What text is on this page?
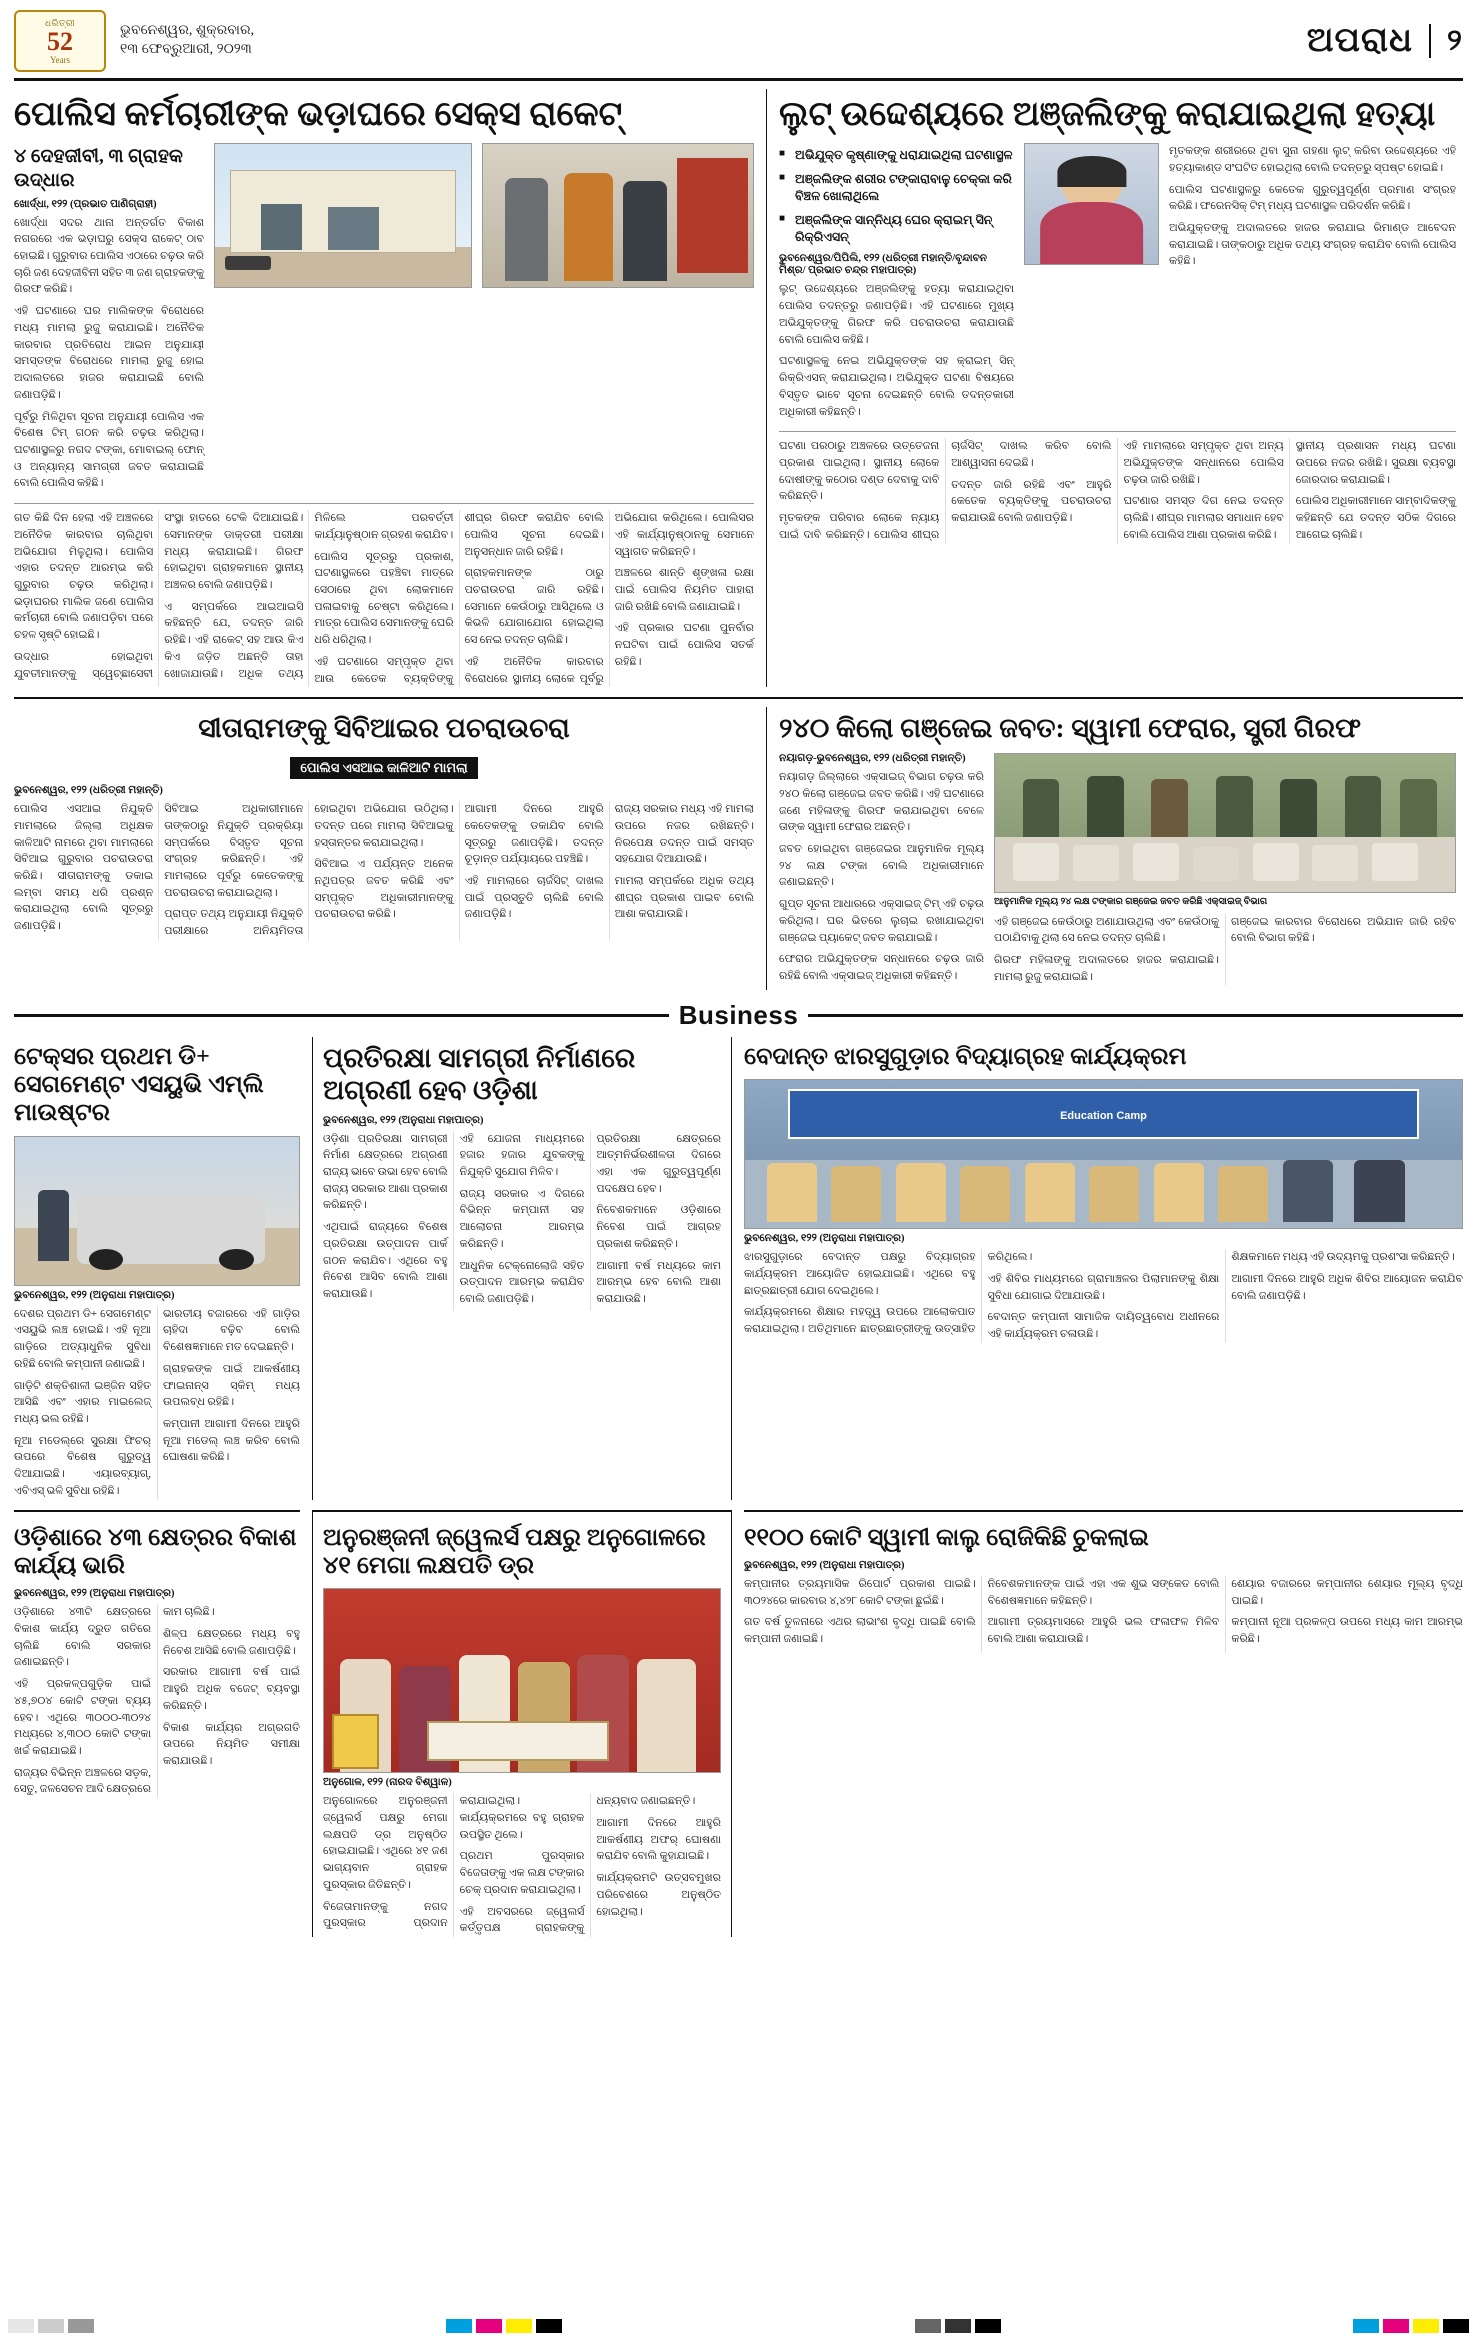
ଧରିତ୍ରୀ
52
Years
ଭୁବନେଶ୍ୱର, ଶୁକ୍ରବାର,
୧୩ ଫେବ୍ରୁଆରୀ, ୨୦୨୩	ଅପରାଧ ୨
ପୋଲିସ କର୍ମଚାରୀଙ୍କ ଭଡ଼ାଘରେ ସେକ୍ସ ରାକେଟ୍
୪ ଦେହଜୀବୀ, ୩ ଗ୍ରାହକ ଉଦ୍ଧାର
ଖୋର୍ଦ୍ଧା, ୧୨୨ (ପ୍ରଭାତ ପାଣିଗ୍ରାହୀ)

ଖୋର୍ଦ୍ଧା ସଦର ଥାନା ଅନ୍ତର୍ଗତ ବିକାଶ ନଗରରେ ଏକ ଭଡ଼ାଘରୁ ସେକ୍ସ ରାକେଟ୍ ଠାବ ହୋଇଛି। ଗୁରୁବାର ପୋଲିସ ଏଠାରେ ଚଢ଼ଉ କରି ଚାରି ଜଣ ଦେହଜୀବିନୀ ସହିତ ୩ ଜଣ ଗ୍ରାହକଙ୍କୁ ଗିରଫ କରିଛି।

ଏହି ଘଟଣାରେ ଘର ମାଲିକଙ୍କ ବିରୋଧରେ ମଧ୍ୟ ମାମଲା ରୁଜୁ କରାଯାଇଛି। ଅନୈତିକ କାରବାର ପ୍ରତିରୋଧ ଆଇନ ଅନୁଯାୟୀ ସମସ୍ତଙ୍କ ବିରୋଧରେ ମାମଲା ରୁଜୁ ହୋଇ ଅଦାଲତରେ ହାଜର କରାଯାଇଛି ବୋଲି ଜଣାପଡ଼ିଛି।

ପୂର୍ବରୁ ମିଳିଥିବା ସୂଚନା ଅନୁଯାୟୀ ପୋଲିସ ଏକ ବିଶେଷ ଟିମ୍ ଗଠନ କରି ଚଢ଼ଉ କରିଥିଲା। ଘଟଣାସ୍ଥଳରୁ ନଗଦ ଟଙ୍କା, ମୋବାଇଲ୍ ଫୋନ୍ ଓ ଅନ୍ୟାନ୍ୟ ସାମଗ୍ରୀ ଜବତ କରାଯାଇଛି ବୋଲି ପୋଲିସ କହିଛି।

ଗତ କିଛି ଦିନ ହେଲା ଏହି ଅଞ୍ଚଳରେ ଅନୈତିକ କାରବାର ଚାଲିଥିବା ଅଭିଯୋଗ ମିଳୁଥିଲା। ପୋଲିସ ଏହାର ତଦନ୍ତ ଆରମ୍ଭ କରି ଗୁରୁବାର ଚଢ଼ଉ କରିଥିଲା। ଭଡ଼ାଘରର ମାଲିକ ଜଣେ ପୋଲିସ କର୍ମଚାରୀ ବୋଲି ଜଣାପଡ଼ିବା ପରେ ଚହଳ ସୃଷ୍ଟି ହୋଇଛି।

ଉଦ୍ଧାର ହୋଇଥିବା ଯୁବତୀମାନଙ୍କୁ ସ୍ୱେଚ୍ଛାସେବୀ ସଂସ୍ଥା ହାତରେ ଟେକି ଦିଆଯାଇଛି। ସେମାନଙ୍କ ଡାକ୍ତରୀ ପରୀକ୍ଷା ମଧ୍ୟ କରାଯାଇଛି। ଗିରଫ ହୋଇଥିବା ଗ୍ରାହକମାନେ ସ୍ଥାନୀୟ ଅଞ୍ଚଳର ବୋଲି ଜଣାପଡ଼ିଛି।

ଏ ସମ୍ପର୍କରେ ଆଇଆଇସି କହିଛନ୍ତି ଯେ, ତଦନ୍ତ ଜାରି ରହିଛି। ଏହି ରାକେଟ୍ ସହ ଆଉ କିଏ କିଏ ଜଡ଼ିତ ଅଛନ୍ତି ତାହା ଖୋଜାଯାଉଛି। ଅଧିକ ତଥ୍ୟ ମିଳିଲେ ପରବର୍ତ୍ତୀ କାର୍ଯ୍ୟାନୁଷ୍ଠାନ ଗ୍ରହଣ କରାଯିବ।

ପୋଲିସ ସୂତ୍ରରୁ ପ୍ରକାଶ, ଘଟଣାସ୍ଥଳରେ ପହଞ୍ଚିବା ମାତ୍ରେ ସେଠାରେ ଥିବା ଲୋକମାନେ ପଳାଇବାକୁ ଚେଷ୍ଟା କରିଥିଲେ। ମାତ୍ର ପୋଲିସ ସେମାନଙ୍କୁ ଘେରି ଧରି ଧରିଥିଲା।

ଏହି ଘଟଣାରେ ସମ୍ପୃକ୍ତ ଥିବା ଆଉ କେତେକ ବ୍ୟକ୍ତିଙ୍କୁ ଶୀଘ୍ର ଗିରଫ କରାଯିବ ବୋଲି ପୋଲିସ ସୂଚନା ଦେଇଛି। ଅନୁସନ୍ଧାନ ଜାରି ରହିଛି।

ଗ୍ରାହକମାନଙ୍କ ଠାରୁ ପଚରାଉଚରା ଜାରି ରହିଛି। ସେମାନେ କେଉଁଠାରୁ ଆସିଥିଲେ ଓ କିଭଳି ଯୋଗାଯୋଗ ହୋଇଥିଲା ସେ ନେଇ ତଦନ୍ତ ଚାଲିଛି।

ଏହି ଅନୈତିକ କାରବାର ବିରୋଧରେ ସ୍ଥାନୀୟ ଲୋକେ ପୂର୍ବରୁ ଅଭିଯୋଗ କରିଥିଲେ। ପୋଲିସର ଏହି କାର୍ଯ୍ୟାନୁଷ୍ଠାନକୁ ସେମାନେ ସ୍ୱାଗତ କରିଛନ୍ତି।

ଅଞ୍ଚଳରେ ଶାନ୍ତି ଶୃଙ୍ଖଳା ରକ୍ଷା ପାଇଁ ପୋଲିସ ନିୟମିତ ପାହାରା ଜାରି ରଖିଛି ବୋଲି ଜଣାଯାଇଛି।

ଏହି ପ୍ରକାର ଘଟଣା ପୁନର୍ବାର ନଘଟିବା ପାଇଁ ପୋଲିସ ସତର୍କ ରହିଛି।

ଲୁଟ୍ ଉଦ୍ଦେଶ୍ୟରେ ଅଞ୍ଜଲିଙ୍କୁ କରାଯାଇଥିଲା ହତ୍ୟା
■ ଅଭିଯୁକ୍ତ କୃଷ୍ଣାଙ୍କୁ ଧରାଯାଇଥିଲା ଘଟଣାସ୍ଥଳ
■ ଅଞ୍ଜଲିଙ୍କ ଶରୀର ଟଙ୍କାରାବାଳୁ ଚେକ୍କା କରି ବିଞ୍ଚଳ ଖୋଲାଥିଲେ
■ ଅଞ୍ଜଲିଙ୍କ ସାନ୍ନିଧ୍ୟ ଘେର କ୍ରାଇମ୍ ସିନ୍ ରିକ୍ରିଏସନ୍
ଭୁବନେଶ୍ୱର/ପିପିଲି, ୧୨୨ (ଧରିତ୍ରୀ ମହାନ୍ତି/ବୃନ୍ଦାବନ ମିଶ୍ର/ ପ୍ରଭାତ ଚନ୍ଦ୍ର ମହାପାତ୍ର)

ଲୁଟ୍ ଉଦ୍ଦେଶ୍ୟରେ ଅଞ୍ଜଲିଙ୍କୁ ହତ୍ୟା କରାଯାଇଥିବା ପୋଲିସ ତଦନ୍ତରୁ ଜଣାପଡ଼ିଛି। ଏହି ଘଟଣାରେ ମୁଖ୍ୟ ଅଭିଯୁକ୍ତଙ୍କୁ ଗିରଫ କରି ପଚରାଉଚରା କରାଯାଉଛି ବୋଲି ପୋଲିସ କହିଛି।

ଘଟଣାସ୍ଥଳକୁ ନେଇ ଅଭିଯୁକ୍ତଙ୍କ ସହ କ୍ରାଇମ୍ ସିନ୍ ରିକ୍ରିଏସନ୍ କରାଯାଇଥିଲା। ଅଭିଯୁକ୍ତ ଘଟଣା ବିଷୟରେ ବିସ୍ତୃତ ଭାବେ ସୂଚନା ଦେଇଛନ୍ତି ବୋଲି ତଦନ୍ତକାରୀ ଅଧିକାରୀ କହିଛନ୍ତି।

ମୃତକଙ୍କ ଶରୀରରେ ଥିବା ସୁନା ଗହଣା ଲୁଟ୍ କରିବା ଉଦ୍ଦେଶ୍ୟରେ ଏହି ହତ୍ୟାକାଣ୍ଡ ସଂଘଟିତ ହୋଇଥିଲା ବୋଲି ତଦନ୍ତରୁ ସ୍ପଷ୍ଟ ହୋଇଛି।

ପୋଲିସ ଘଟଣାସ୍ଥଳରୁ କେତେକ ଗୁରୁତ୍ୱପୂର୍ଣ୍ଣ ପ୍ରମାଣ ସଂଗ୍ରହ କରିଛି। ଫରେନସିକ୍ ଟିମ୍ ମଧ୍ୟ ଘଟଣାସ୍ଥଳ ପରିଦର୍ଶନ କରିଛି।

ଅଭିଯୁକ୍ତଙ୍କୁ ଅଦାଲତରେ ହାଜର କରାଯାଇ ରିମାଣ୍ଡ ଆବେଦନ କରାଯାଇଛି। ତାଙ୍କଠାରୁ ଅଧିକ ତଥ୍ୟ ସଂଗ୍ରହ କରାଯିବ ବୋଲି ପୋଲିସ କହିଛି।

ଘଟଣା ପରଠାରୁ ଅଞ୍ଚଳରେ ଉତ୍ତେଜନା ପ୍ରକାଶ ପାଇଥିଲା। ସ୍ଥାନୀୟ ଲୋକେ ଦୋଷୀଙ୍କୁ କଠୋର ଦଣ୍ଡ ଦେବାକୁ ଦାବି କରିଛନ୍ତି।

ମୃତକଙ୍କ ପରିବାର ଲୋକେ ନ୍ୟାୟ ପାଇଁ ଦାବି କରିଛନ୍ତି। ପୋଲିସ ଶୀଘ୍ର ଚାର୍ଜସିଟ୍ ଦାଖଲ କରିବ ବୋଲି ଆଶ୍ୱାସନା ଦେଇଛି।

ତଦନ୍ତ ଜାରି ରହିଛି ଏବଂ ଆହୁରି କେତେକ ବ୍ୟକ୍ତିଙ୍କୁ ପଚରାଉଚରା କରାଯାଉଛି ବୋଲି ଜଣାପଡ଼ିଛି।

ଏହି ମାମଲାରେ ସମ୍ପୃକ୍ତ ଥିବା ଅନ୍ୟ ଅଭିଯୁକ୍ତଙ୍କ ସନ୍ଧାନରେ ପୋଲିସ ଚଢ଼ଉ ଜାରି ରଖିଛି।

ଘଟଣାର ସମସ୍ତ ଦିଗ ନେଇ ତଦନ୍ତ ଚାଲିଛି। ଶୀଘ୍ର ମାମଲାର ସମାଧାନ ହେବ ବୋଲି ପୋଲିସ ଆଶା ପ୍ରକାଶ କରିଛି।

ସ୍ଥାନୀୟ ପ୍ରଶାସନ ମଧ୍ୟ ଘଟଣା ଉପରେ ନଜର ରଖିଛି। ସୁରକ୍ଷା ବ୍ୟବସ୍ଥା ଜୋରଦାର କରାଯାଇଛି।

ପୋଲିସ ଅଧିକାରୀମାନେ ସାମ୍ବାଦିକଙ୍କୁ କହିଛନ୍ତି ଯେ ତଦନ୍ତ ସଠିକ ଦିଗରେ ଆଗେଇ ଚାଲିଛି।

ସୀତାରାମଙ୍କୁ ସିବିଆଇର ପଚରାଉଚରା
ପୋଲିସ ଏସଆଇ କାଳିଆଟି ମାମଲା
ଭୁବନେଶ୍ୱର, ୧୨୨ (ଧରିତ୍ରୀ ମହାନ୍ତି)

ପୋଲିସ ଏସଆଇ ନିଯୁକ୍ତି ମାମଲାରେ ଜିଲ୍ଲା ଅଧିକ୍ଷକ କାଳିଆଟି ନାମରେ ଥିବା ମାମଲାରେ ସିବିଆଇ ଗୁରୁବାର ପଚରାଉଚରା କରିଛି। ସୀତାରାମଙ୍କୁ ଡକାଇ ଲମ୍ବା ସମୟ ଧରି ପ୍ରଶ୍ନ କରାଯାଇଥିଲା ବୋଲି ସୂତ୍ରରୁ ଜଣାପଡ଼ିଛି।

ସିବିଆଇ ଅଧିକାରୀମାନେ ତାଙ୍କଠାରୁ ନିଯୁକ୍ତି ପ୍ରକ୍ରିୟା ସମ୍ପର୍କରେ ବିସ୍ତୃତ ସୂଚନା ସଂଗ୍ରହ କରିଛନ୍ତି। ଏହି ମାମଲାରେ ପୂର୍ବରୁ କେତେକଙ୍କୁ ପଚରାଉଚରା କରାଯାଇଥିଲା।

ପ୍ରାପ୍ତ ତଥ୍ୟ ଅନୁଯାୟୀ ନିଯୁକ୍ତି ପରୀକ୍ଷାରେ ଅନିୟମିତତା ହୋଇଥିବା ଅଭିଯୋଗ ଉଠିଥିଲା। ତଦନ୍ତ ପରେ ମାମଲା ସିବିଆଇକୁ ହସ୍ତାନ୍ତର କରାଯାଇଥିଲା।

ସିବିଆଇ ଏ ପର୍ଯ୍ୟନ୍ତ ଅନେକ ନଥିପତ୍ର ଜବତ କରିଛି ଏବଂ ସମ୍ପୃକ୍ତ ଅଧିକାରୀମାନଙ୍କୁ ପଚରାଉଚରା କରିଛି।

ଆଗାମୀ ଦିନରେ ଆହୁରି କେତେକଙ୍କୁ ଡକାଯିବ ବୋଲି ସୂତ୍ରରୁ ଜଣାପଡ଼ିଛି। ତଦନ୍ତ ଚୂଡ଼ାନ୍ତ ପର୍ଯ୍ୟାୟରେ ପହଞ୍ଚିଛି।

ଏହି ମାମଲାରେ ଚାର୍ଜସିଟ୍ ଦାଖଲ ପାଇଁ ପ୍ରସ୍ତୁତି ଚାଲିଛି ବୋଲି ଜଣାପଡ଼ିଛି।

ରାଜ୍ୟ ସରକାର ମଧ୍ୟ ଏହି ମାମଲା ଉପରେ ନଜର ରଖିଛନ୍ତି। ନିରପେକ୍ଷ ତଦନ୍ତ ପାଇଁ ସମସ୍ତ ସହଯୋଗ ଦିଆଯାଉଛି।

ମାମଲା ସମ୍ପର୍କରେ ଅଧିକ ତଥ୍ୟ ଶୀଘ୍ର ପ୍ରକାଶ ପାଇବ ବୋଲି ଆଶା କରାଯାଉଛି।

୨୪୦ କିଲୋ ଗଞ୍ଜେଇ ଜବତ: ସ୍ୱାମୀ ଫେରାର, ସ୍ତ୍ରୀ ଗିରଫ
ନୟାଗଡ଼-ଭୁବନେଶ୍ୱର, ୧୨୨ (ଧରିତ୍ରୀ ମହାନ୍ତି)

ନୟାଗଡ଼ ଜିଲ୍ଲାରେ ଏକ୍ସାଇଜ୍ ବିଭାଗ ଚଢ଼ଉ କରି ୨୪୦ କିଲୋ ଗଞ୍ଜେଇ ଜବତ କରିଛି। ଏହି ଘଟଣାରେ ଜଣେ ମହିଳାଙ୍କୁ ଗିରଫ କରାଯାଇଥିବା ବେଳେ ତାଙ୍କ ସ୍ୱାମୀ ଫେରାର ଅଛନ୍ତି।

ଜବତ ହୋଇଥିବା ଗଞ୍ଜେଇର ଆନୁମାନିକ ମୂଲ୍ୟ ୨୪ ଲକ୍ଷ ଟଙ୍କା ବୋଲି ଅଧିକାରୀମାନେ ଜଣାଇଛନ୍ତି।

ଗୁପ୍ତ ସୂଚନା ଆଧାରରେ ଏକ୍ସାଇଜ୍ ଟିମ୍ ଏହି ଚଢ଼ଉ କରିଥିଲା। ଘର ଭିତରେ ଲୁଚାଇ ରଖାଯାଇଥିବା ଗଞ୍ଜେଇ ପ୍ୟାକେଟ୍ ଜବତ କରାଯାଇଛି।

ଫେରାର ଅଭିଯୁକ୍ତଙ୍କ ସନ୍ଧାନରେ ଚଢ଼ଉ ଜାରି ରହିଛି ବୋଲି ଏକ୍ସାଇଜ୍ ଅଧିକାରୀ କହିଛନ୍ତି।

ଆନୁମାନିକ ମୂଲ୍ୟ ୨୪ ଲକ୍ଷ ଟଙ୍କାର ଗଞ୍ଜେଇ ଜବତ କରିଛି ଏକ୍ସାଇଜ୍ ବିଭାଗ

ଏହି ଗଞ୍ଜେଇ କେଉଁଠାରୁ ଅଣାଯାଉଥିଲା ଏବଂ କେଉଁଠାକୁ ପଠାଯିବାକୁ ଥିଲା ସେ ନେଇ ତଦନ୍ତ ଚାଲିଛି।

ଗିରଫ ମହିଳାଙ୍କୁ ଅଦାଲତରେ ହାଜର କରାଯାଇଛି। ମାମଲା ରୁଜୁ କରାଯାଇଛି।

ଗଞ୍ଜେଇ କାରବାର ବିରୋଧରେ ଅଭିଯାନ ଜାରି ରହିବ ବୋଲି ବିଭାଗ କହିଛି।

Business
ଟେକ୍ସର ପ୍ରଥମ ଡି+ ସେଗମେଣ୍ଟ ଏସୟୁଭି ଏମ୍ଲି ମାଉଷ୍ଟର
ଭୁବନେଶ୍ୱର, ୧୨୨ (ଅନୁରାଧା ମହାପାତ୍ର)

ଦେଶର ପ୍ରଥମ ଡି+ ସେଗମେଣ୍ଟ ଏସୟୁଭି ଲଞ୍ଚ ହୋଇଛି। ଏହି ନୂଆ ଗାଡ଼ିରେ ଅତ୍ୟାଧୁନିକ ସୁବିଧା ରହିଛି ବୋଲି କମ୍ପାନୀ ଜଣାଇଛି।

ଗାଡ଼ିଟି ଶକ୍ତିଶାଳୀ ଇଞ୍ଜିନ ସହିତ ଆସିଛି ଏବଂ ଏହାର ମାଇଲେଜ୍ ମଧ୍ୟ ଭଲ ରହିଛି।

ନୂଆ ମଡେଲ୍‌ରେ ସୁରକ୍ଷା ଫିଚର୍ ଉପରେ ବିଶେଷ ଗୁରୁତ୍ୱ ଦିଆଯାଇଛି। ଏୟାରବ୍ୟାଗ୍, ଏବିଏସ୍ ଭଳି ସୁବିଧା ରହିଛି।

ଭାରତୀୟ ବଜାରରେ ଏହି ଗାଡ଼ିର ଚାହିଦା ବଢ଼ିବ ବୋଲି ବିଶେଷଜ୍ଞମାନେ ମତ ଦେଇଛନ୍ତି।

ଗ୍ରାହକଙ୍କ ପାଇଁ ଆକର୍ଷଣୀୟ ଫାଇନାନ୍ସ ସ୍କିମ୍ ମଧ୍ୟ ଉପଲବ୍ଧ ରହିଛି।

କମ୍ପାନୀ ଆଗାମୀ ଦିନରେ ଆହୁରି ନୂଆ ମଡେଲ୍ ଲଞ୍ଚ କରିବ ବୋଲି ଘୋଷଣା କରିଛି।

ପ୍ରତିରକ୍ଷା ସାମଗ୍ରୀ ନିର୍ମାଣରେ ଅଗ୍ରଣୀ ହେବ ଓଡ଼ିଶା
ଭୁବନେଶ୍ୱର, ୧୨୨ (ଅନୁରାଧା ମହାପାତ୍ର)

ଓଡ଼ିଶା ପ୍ରତିରକ୍ଷା ସାମଗ୍ରୀ ନିର୍ମାଣ କ୍ଷେତ୍ରରେ ଅଗ୍ରଣୀ ରାଜ୍ୟ ଭାବେ ଉଭା ହେବ ବୋଲି ରାଜ୍ୟ ସରକାର ଆଶା ପ୍ରକାଶ କରିଛନ୍ତି।

ଏଥିପାଇଁ ରାଜ୍ୟରେ ବିଶେଷ ପ୍ରତିରକ୍ଷା ଉତ୍ପାଦନ ପାର୍କ ଗଠନ କରାଯିବ। ଏଥିରେ ବହୁ ନିବେଶ ଆସିବ ବୋଲି ଆଶା କରାଯାଉଛି।

ଏହି ଯୋଜନା ମାଧ୍ୟମରେ ହଜାର ହଜାର ଯୁବକଙ୍କୁ ନିଯୁକ୍ତି ସୁଯୋଗ ମିଳିବ।

ରାଜ୍ୟ ସରକାର ଏ ଦିଗରେ ବିଭିନ୍ନ କମ୍ପାନୀ ସହ ଆଲୋଚନା ଆରମ୍ଭ କରିଛନ୍ତି।

ଆଧୁନିକ ଟେକ୍ନୋଲୋଜି ସହିତ ଉତ୍ପାଦନ ଆରମ୍ଭ କରାଯିବ ବୋଲି ଜଣାପଡ଼ିଛି।

ପ୍ରତିରକ୍ଷା କ୍ଷେତ୍ରରେ ଆତ୍ମନିର୍ଭରଶୀଳତା ଦିଗରେ ଏହା ଏକ ଗୁରୁତ୍ୱପୂର୍ଣ୍ଣ ପଦକ୍ଷେପ ହେବ।

ନିବେଶକମାନେ ଓଡ଼ିଶାରେ ନିବେଶ ପାଇଁ ଆଗ୍ରହ ପ୍ରକାଶ କରିଛନ୍ତି।

ଆଗାମୀ ବର୍ଷ ମଧ୍ୟରେ କାମ ଆରମ୍ଭ ହେବ ବୋଲି ଆଶା କରାଯାଉଛି।

ବେଦାନ୍ତ ଝାରସୁଗୁଡ଼ାର ବିଦ୍ୟାଗ୍ରହ କାର୍ଯ୍ୟକ୍ରମ
Education Camp
ଭୁବନେଶ୍ୱର, ୧୨୨ (ଅନୁରାଧା ମହାପାତ୍ର)

ଝାରସୁଗୁଡ଼ାରେ ବେଦାନ୍ତ ପକ୍ଷରୁ ବିଦ୍ୟାଗ୍ରହ କାର୍ଯ୍ୟକ୍ରମ ଆୟୋଜିତ ହୋଇଯାଇଛି। ଏଥିରେ ବହୁ ଛାତ୍ରଛାତ୍ରୀ ଯୋଗ ଦେଇଥିଲେ।

କାର୍ଯ୍ୟକ୍ରମରେ ଶିକ୍ଷାର ମହତ୍ତ୍ୱ ଉପରେ ଆଲୋକପାତ କରାଯାଇଥିଲା। ଅତିଥିମାନେ ଛାତ୍ରଛାତ୍ରୀଙ୍କୁ ଉତ୍ସାହିତ କରିଥିଲେ।

ଏହି ଶିବିର ମାଧ୍ୟମରେ ଗ୍ରାମାଞ୍ଚଳର ପିଲାମାନଙ୍କୁ ଶିକ୍ଷା ସୁବିଧା ଯୋଗାଇ ଦିଆଯାଉଛି।

ବେଦାନ୍ତ କମ୍ପାନୀ ସାମାଜିକ ଦାୟିତ୍ୱବୋଧ ଅଧୀନରେ ଏହି କାର୍ଯ୍ୟକ୍ରମ ଚଳାଉଛି।

ଶିକ୍ଷକମାନେ ମଧ୍ୟ ଏହି ଉଦ୍ୟମକୁ ପ୍ରଶଂସା କରିଛନ୍ତି।

ଆଗାମୀ ଦିନରେ ଆହୁରି ଅଧିକ ଶିବିର ଆୟୋଜନ କରାଯିବ ବୋଲି ଜଣାପଡ଼ିଛି।

ଓଡ଼ିଶାରେ ୪୩ କ୍ଷେତ୍ରର ବିକାଶ କାର୍ଯ୍ୟ ଭାରି
ଭୁବନେଶ୍ୱର, ୧୨୨ (ଅନୁରାଧା ମହାପାତ୍ର)

ଓଡ଼ିଶାରେ ୪୩ଟି କ୍ଷେତ୍ରରେ ବିକାଶ କାର୍ଯ୍ୟ ଦ୍ରୁତ ଗତିରେ ଚାଲିଛି ବୋଲି ସରକାର ଜଣାଇଛନ୍ତି।

ଏହି ପ୍ରକଳ୍ପଗୁଡ଼ିକ ପାଇଁ ୪୫,୭୦୪ କୋଟି ଟଙ୍କା ବ୍ୟୟ ହେବ। ଏଥିରେ ୩୦୦୦-୩୦୨୪ ମଧ୍ୟରେ ୪,୩୦୦ କୋଟି ଟଙ୍କା ଖର୍ଚ୍ଚ କରାଯାଇଛି।

ରାଜ୍ୟର ବିଭିନ୍ନ ଅଞ୍ଚଳରେ ସଡ଼କ, ସେତୁ, ଜଳସେଚନ ଆଦି କ୍ଷେତ୍ରରେ କାମ ଚାଲିଛି।

ଶିଳ୍ପ କ୍ଷେତ୍ରରେ ମଧ୍ୟ ବହୁ ନିବେଶ ଆସିଛି ବୋଲି ଜଣାପଡ଼ିଛି।

ସରକାର ଆଗାମୀ ବର୍ଷ ପାଇଁ ଆହୁରି ଅଧିକ ବଜେଟ୍ ବ୍ୟବସ୍ଥା କରିଛନ୍ତି।

ବିକାଶ କାର୍ଯ୍ୟର ଅଗ୍ରଗତି ଉପରେ ନିୟମିତ ସମୀକ୍ଷା କରାଯାଉଛି।

ଅନୁରଞ୍ଜନୀ ଜ୍ୱେଲର୍ସ ପକ୍ଷରୁ ଅନୁଗୋଳରେ ୪୧ ମେଗା ଲକ୍ଷପତି ଡ୍ର
ଅନୁଗୋଳ, ୧୨୨ (ନାରଦ ବିଶ୍ୱାଳ)

ଅନୁଗୋଳରେ ଅନୁରଞ୍ଜନୀ ଜ୍ୱେଲର୍ସ ପକ୍ଷରୁ ମେଗା ଲକ୍ଷପତି ଡ୍ର ଅନୁଷ୍ଠିତ ହୋଇଯାଇଛି। ଏଥିରେ ୪୧ ଜଣ ଭାଗ୍ୟବାନ ଗ୍ରାହକ ପୁରସ୍କାର ଜିତିଛନ୍ତି।

ବିଜେତାମାନଙ୍କୁ ନଗଦ ପୁରସ୍କାର ପ୍ରଦାନ କରାଯାଇଥିଲା। କାର୍ଯ୍ୟକ୍ରମରେ ବହୁ ଗ୍ରାହକ ଉପସ୍ଥିତ ଥିଲେ।

ପ୍ରଥମ ପୁରସ୍କାର ବିଜେତାଙ୍କୁ ଏକ ଲକ୍ଷ ଟଙ୍କାର ଚେକ୍ ପ୍ରଦାନ କରାଯାଇଥିଲା।

ଏହି ଅବସରରେ ଜ୍ୱେଲର୍ସ କର୍ତ୍ତୃପକ୍ଷ ଗ୍ରାହକଙ୍କୁ ଧନ୍ୟବାଦ ଜଣାଇଛନ୍ତି।

ଆଗାମୀ ଦିନରେ ଆହୁରି ଆକର୍ଷଣୀୟ ଅଫର୍ ଘୋଷଣା କରାଯିବ ବୋଲି କୁହାଯାଇଛି।

କାର୍ଯ୍ୟକ୍ରମଟି ଉତ୍ସବମୁଖର ପରିବେଶରେ ଅନୁଷ୍ଠିତ ହୋଇଥିଲା।

୧୧୦୦ କୋଟି ସ୍ୱାମୀ କାଲୁ ରୋଜିକିଛି ଚୁକଲାଇ
ଭୁବନେଶ୍ୱର, ୧୨୨ (ଅନୁରାଧା ମହାପାତ୍ର)

କମ୍ପାନୀର ତ୍ରୟମାସିକ ରିପୋର୍ଟ ପ୍ରକାଶ ପାଇଛି। ୩୦୨୪ରେ କାରବାର ୪,୪୨୮ କୋଟି ଟଙ୍କା ଛୁଇଁଛି।

ଗତ ବର୍ଷ ତୁଳନାରେ ଏଥର ଲାଭାଂଶ ବୃଦ୍ଧି ପାଇଛି ବୋଲି କମ୍ପାନୀ ଜଣାଇଛି।

ନିବେଶକମାନଙ୍କ ପାଇଁ ଏହା ଏକ ଶୁଭ ସଙ୍କେତ ବୋଲି ବିଶେଷଜ୍ଞମାନେ କହିଛନ୍ତି।

ଆଗାମୀ ତ୍ରୟମାସରେ ଆହୁରି ଭଲ ଫଳାଫଳ ମିଳିବ ବୋଲି ଆଶା କରାଯାଉଛି।

ଶେୟାର ବଜାରରେ କମ୍ପାନୀର ଶେୟାର ମୂଲ୍ୟ ବୃଦ୍ଧି ପାଇଛି।

କମ୍ପାନୀ ନୂଆ ପ୍ରକଳ୍ପ ଉପରେ ମଧ୍ୟ କାମ ଆରମ୍ଭ କରିଛି।
